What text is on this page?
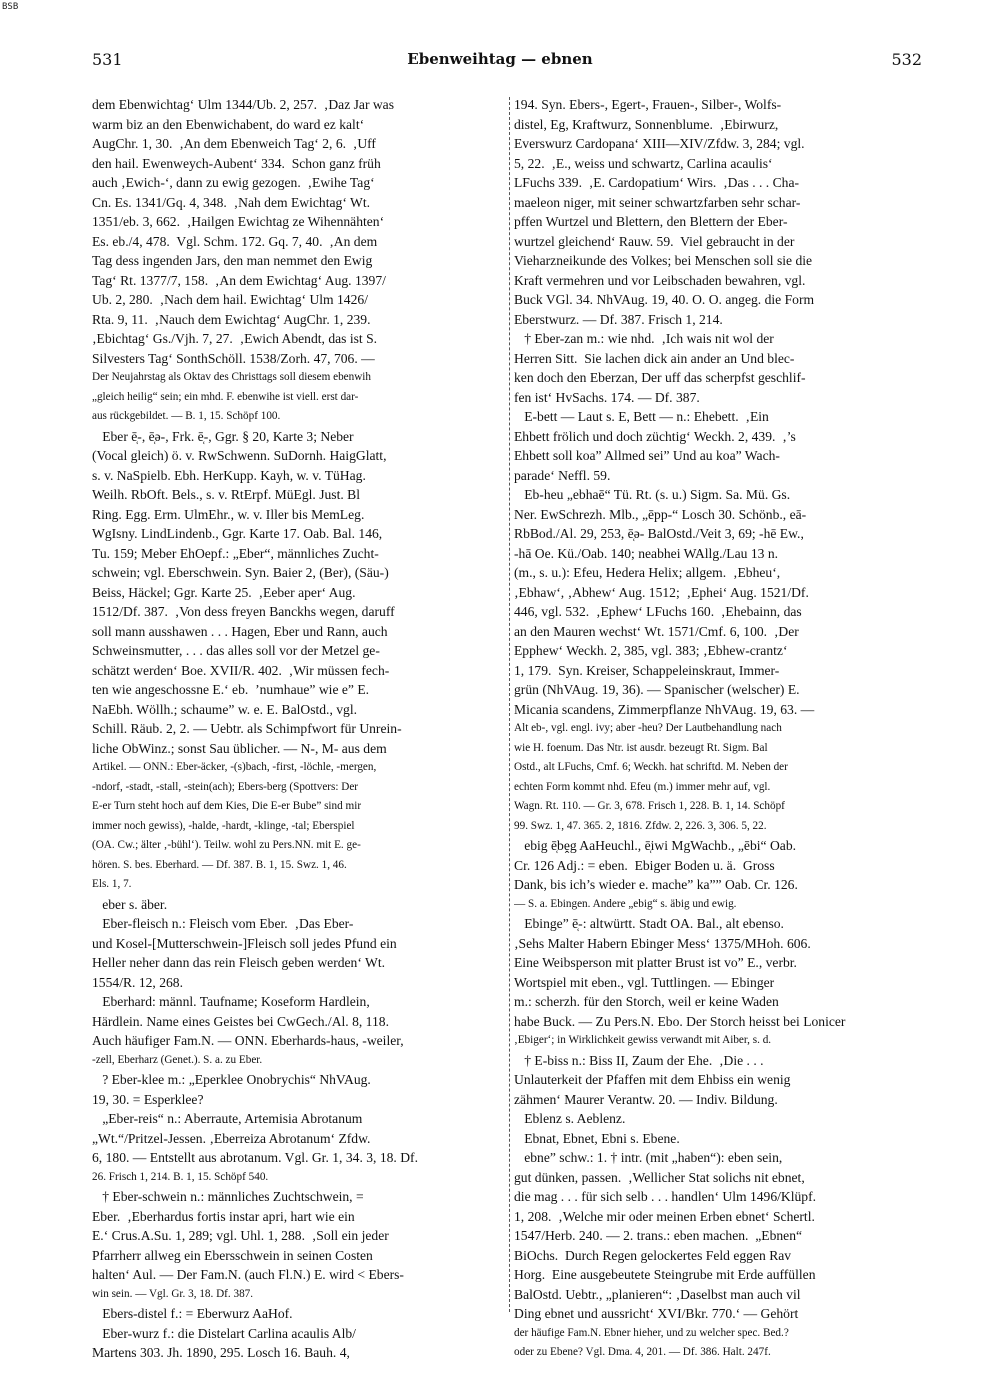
BSB
531	Ebenweihtag — ebnen	532
dem Ebenwichtag‘ Ulm 1344/Ub. 2, 257.  ‚Daz Jar was
warm biz an den Ebenwichabent, do ward ez kalt‘
AugChr. 1, 30.  ‚An dem Ebenweich Tag‘ 2, 6.  ‚Uff
den hail. Ewenweych-Aubent‘ 334.  Schon ganz früh
auch ‚Ewich-‘, dann zu ewig gezogen.  ‚Ewihe Tag‘
Cn. Es. 1341/Gq. 4, 348.  ‚Nah dem Ewichtag‘ Wt.
1351/eb. 3, 662.  ‚Hailgen Ewichtag ze Wihennähten‘
Es. eb./4, 478.  Vgl. Schm. 172. Gq. 7, 40.  ‚An dem
Tag dess ingenden Jars, den man nemmet den Ewig
Tag‘ Rt. 1377/7, 158.  ‚An dem Ewichtag‘ Aug. 1397/
Ub. 2, 280.  ‚Nach dem hail. Ewichtag‘ Ulm 1426/
Rta. 9, 11.  ‚Nauch dem Ewichtag‘ AugChr. 1, 239.
‚Ebichtag‘ Gs./Vjh. 7, 27.  ‚Ewich Abendt, das ist S.
Silvesters Tag‘ SonthSchöll. 1538/Zorh. 47, 706. —
Der Neujahrstag als Oktav des Christtags soll diesem ebenwih
„gleich heilig“ sein; ein mhd. F. ebenwihe ist viell. erst dar-
aus rückgebildet. — B. 1, 15. Schöpf 100.
Eber ē̜-, ē̜ə-, Frk. ē̜-, Ggr. § 20, Karte 3; Neber
(Vocal gleich) ö. v. RwSchwenn. SuDornh. HaigGlatt,
s. v. NaSpielb. Ebh. HerKupp. Kayh, w. v. TüHag.
Weilh. RbOft. Bels., s. v. RtErpf. MüEgl. Just. Bl
Ring. Egg. Erm. UlmEhr., w. v. Iller bis MemLeg.
WgIsny. LindLindenb., Ggr. Karte 17. Oab. Bal. 146,
Tu. 159; Meber EhOepf.: „Eber“, männliches Zucht-
schwein; vgl. Eberschwein. Syn. Baier 2, (Ber), (Säu-)
Beiss, Häckel; Ggr. Karte 25.  ‚Eeber aper‘ Aug.
1512/Df. 387.  ‚Von dess freyen Banckhs wegen, daruff
soll mann ausshawen . . . Hagen, Eber und Rann, auch
Schweinsmutter, . . . das alles soll vor der Metzel ge-
schätzt werden‘ Boe. XVII/R. 402.  ‚Wir müssen fech-
ten wie angeschossne E.‘ eb.  ’numhaue” wie e” E.
NaEbh. Wöllh.; schaume” w. e. E. BalOstd., vgl.
Schill. Räub. 2, 2. — Uebtr. als Schimpfwort für Unrein-
liche ObWinz.; sonst Sau üblicher. — N-, M- aus dem
Artikel. — ONN.: Eber-äcker, -(s)bach, -first, -löchle, -mergen,
-ndorf, -stadt, -stall, -stein(ach); Ebers-berg (Spottvers: Der
E-er Turn steht hoch auf dem Kies, Die E-er Bube” sind mir
immer noch gewiss), -halde, -hardt, -klinge, -tal; Eberspiel
(OA. Cw.; älter ‚-bühl‘). Teilw. wohl zu Pers.NN. mit E. ge-
hören. S. bes. Eberhard. — Df. 387. B. 1, 15. Swz. 1, 46.
Els. 1, 7.
eber s. äber.
Eber-fleisch n.: Fleisch vom Eber.  ‚Das Eber-
und Kosel-[Mutterschwein-]Fleisch soll jedes Pfund ein
Heller neher dann das rein Fleisch geben werden‘ Wt.
1554/R. 12, 268.
Eberhard: männl. Taufname; Koseform Hardlein,
Härdlein. Name eines Geistes bei CwGech./Al. 8, 118.
Auch häufiger Fam.N. — ONN. Eberhards-haus, -weiler,
-zell, Eberharz (Genet.). S. a. zu Eber.
? Eber-klee m.: „Eperklee Onobrychis“ NhVAug.
19, 30. = Esperklee?
„Eber-reis“ n.: Aberraute, Artemisia Abrotanum
„Wt.“/Pritzel-Jessen. ‚Eberreiza Abrotanum‘ Zfdw.
6, 180. — Entstellt aus abrotanum. Vgl. Gr. 1, 34. 3, 18. Df.
26. Frisch 1, 214. B. 1, 15. Schöpf 540.
† Eber-schwein n.: männliches Zuchtschwein, =
Eber.  ‚Eberhardus fortis instar apri, hart wie ein
E.‘ Crus.A.Su. 1, 289; vgl. Uhl. 1, 288.  ‚Soll ein jeder
Pfarrherr allweg ein Ebersschwein in seinen Costen
halten‘ Aul. — Der Fam.N. (auch Fl.N.) E. wird < Ebers-
win sein. — Vgl. Gr. 3, 18. Df. 387.
Ebers-distel f.: = Eberwurz AaHof.
Eber-wurz f.: die Distelart Carlina acaulis Alb/
Martens 303. Jh. 1890, 295. Losch 16. Bauh. 4,
194. Syn. Ebers-, Egert-, Frauen-, Silber-, Wolfs-
distel, Eg, Kraftwurz, Sonnenblume.  ‚Ebirwurz,
Everswurz Cardopana‘ XIII—XIV/Zfdw. 3, 284; vgl.
5, 22.  ‚E., weiss und schwartz, Carlina acaulis‘
LFuchs 339.  ‚E. Cardopatium‘ Wirs.  ‚Das . . . Cha-
maeleon niger, mit seiner schwartzfarben sehr schar-
pffen Wurtzel und Blettern, den Blettern der Eber-
wurtzel gleichend‘ Rauw. 59.  Viel gebraucht in der
Vieharzneikunde des Volkes; bei Menschen soll sie die
Kraft vermehren und vor Leibschaden bewahren, vgl.
Buck VGl. 34. NhVAug. 19, 40. O. O. angeg. die Form
Eberstwurz. — Df. 387. Frisch 1, 214.
† Eber-zan m.: wie nhd.  ‚Ich wais nit wol der
Herren Sitt.  Sie lachen dick ain ander an Und blec-
ken doch den Eberzan, Der uff das scherpfst geschlif-
fen ist‘ HvSachs. 174. — Df. 387.
E-bett — Laut s. E, Bett — n.: Ehebett.  ‚Ein
Ehbett frölich und doch züchtig‘ Weckh. 2, 439.  ‚’s
Ehbett soll koa” Allmed sei” Und au koa” Wach-
parade‘ Neffl. 59.
Eb-heu „ebhaē“ Tü. Rt. (s. u.) Sigm. Sa. Mü. Gs.
Ner. EwSchrezh. Mlb., „ēpp-“ Losch 30. Schönb., eā-
RbBod./Al. 29, 253, ē̜ə- BalOstd./Veit 3, 69; -hē Ew.,
-hā Oe. Kü./Oab. 140; neabhei WAllg./Lau 13 n.
(m., s. u.): Efeu, Hedera Helix; allgem.  ‚Ebheu‘,
‚Ebhaw‘, ‚Abhew‘ Aug. 1512;  ‚Ephei‘ Aug. 1521/Df.
446, vgl. 532.  ‚Ephew‘ LFuchs 160.  ‚Ehebainn, das
an den Mauren wechst‘ Wt. 1571/Cmf. 6, 100.  ‚Der
Epphew‘ Weckh. 2, 385, vgl. 383; ‚Ebhew-crantz‘
1, 179.  Syn. Kreiser, Schappeleinskraut, Immer-
grün (NhVAug. 19, 36). — Spanischer (welscher) E.
Micania scandens, Zimmerpflanze NhVAug. 19, 63. —
Alt eb-, vgl. engl. ivy; aber -heu? Der Lautbehandlung nach
wie H. foenum. Das Ntr. ist ausdr. bezeugt Rt. Sigm. Bal
Ostd., alt LFuchs, Cmf. 6; Weckh. hat schriftd. M. Neben der
echten Form kommt nhd. Efeu (m.) immer mehr auf, vgl.
Wagn. Rt. 110. — Gr. 3, 678. Frisch 1, 228. B. 1, 14. Schöpf
99. Swz. 1, 47. 365. 2, 1816. Zfdw. 2, 226. 3, 306. 5, 22.
ebig ē̜bḙg AaHeuchl., ē̜iwi MgWachb., „ēbi“ Oab.
Cr. 126 Adj.: = eben.  Ebiger Boden u. ä.  Gross
Dank, bis ich’s wieder e. mache” ka”” Oab. Cr. 126.
— S. a. Ebingen. Andere „ebig“ s. äbig und ewig.
Ebinge” ē̜-: altwürtt. Stadt OA. Bal., alt ebenso.
‚Sehs Malter Habern Ebinger Mess‘ 1375/MHoh. 606.
Eine Weibsperson mit platter Brust ist vo” E., verbr.
Wortspiel mit eben., vgl. Tuttlingen. — Ebinger
m.: scherzh. für den Storch, weil er keine Waden
habe Buck. — Zu Pers.N. Ebo. Der Storch heisst bei Lonicer
‚Ebiger‘; in Wirklichkeit gewiss verwandt mit Aiber, s. d.
† E-biss n.: Biss II, Zaum der Ehe.  ‚Die . . .
Unlauterkeit der Pfaffen mit dem Ehbiss ein wenig
zähmen‘ Maurer Verantw. 20. — Indiv. Bildung.
Eblenz s. Aeblenz.
Ebnat, Ebnet, Ebni s. Ebene.
ebne” schw.: 1. † intr. (mit „haben“): eben sein,
gut dünken, passen.  ‚Wellicher Stat solichs nit ebnet,
die mag . . . für sich selb . . . handlen‘ Ulm 1496/Klüpf.
1, 208.  ‚Welche mir oder meinen Erben ebnet‘ Schertl.
1547/Herb. 240. — 2. trans.: eben machen.  „Ebnen“
BiOchs.  Durch Regen gelockertes Feld eggen Rav
Horg.  Eine ausgebeutete Steingrube mit Erde auffüllen
BalOstd. Uebtr., „planieren“: ‚Daselbst man auch vil
Ding ebnet und aussricht‘ XVI/Bkr. 770.‘ — Gehört
der häufige Fam.N. Ebner hieher, und zu welcher spec. Bed.?
oder zu Ebene? Vgl. Dma. 4, 201. — Df. 386. Halt. 247f.
